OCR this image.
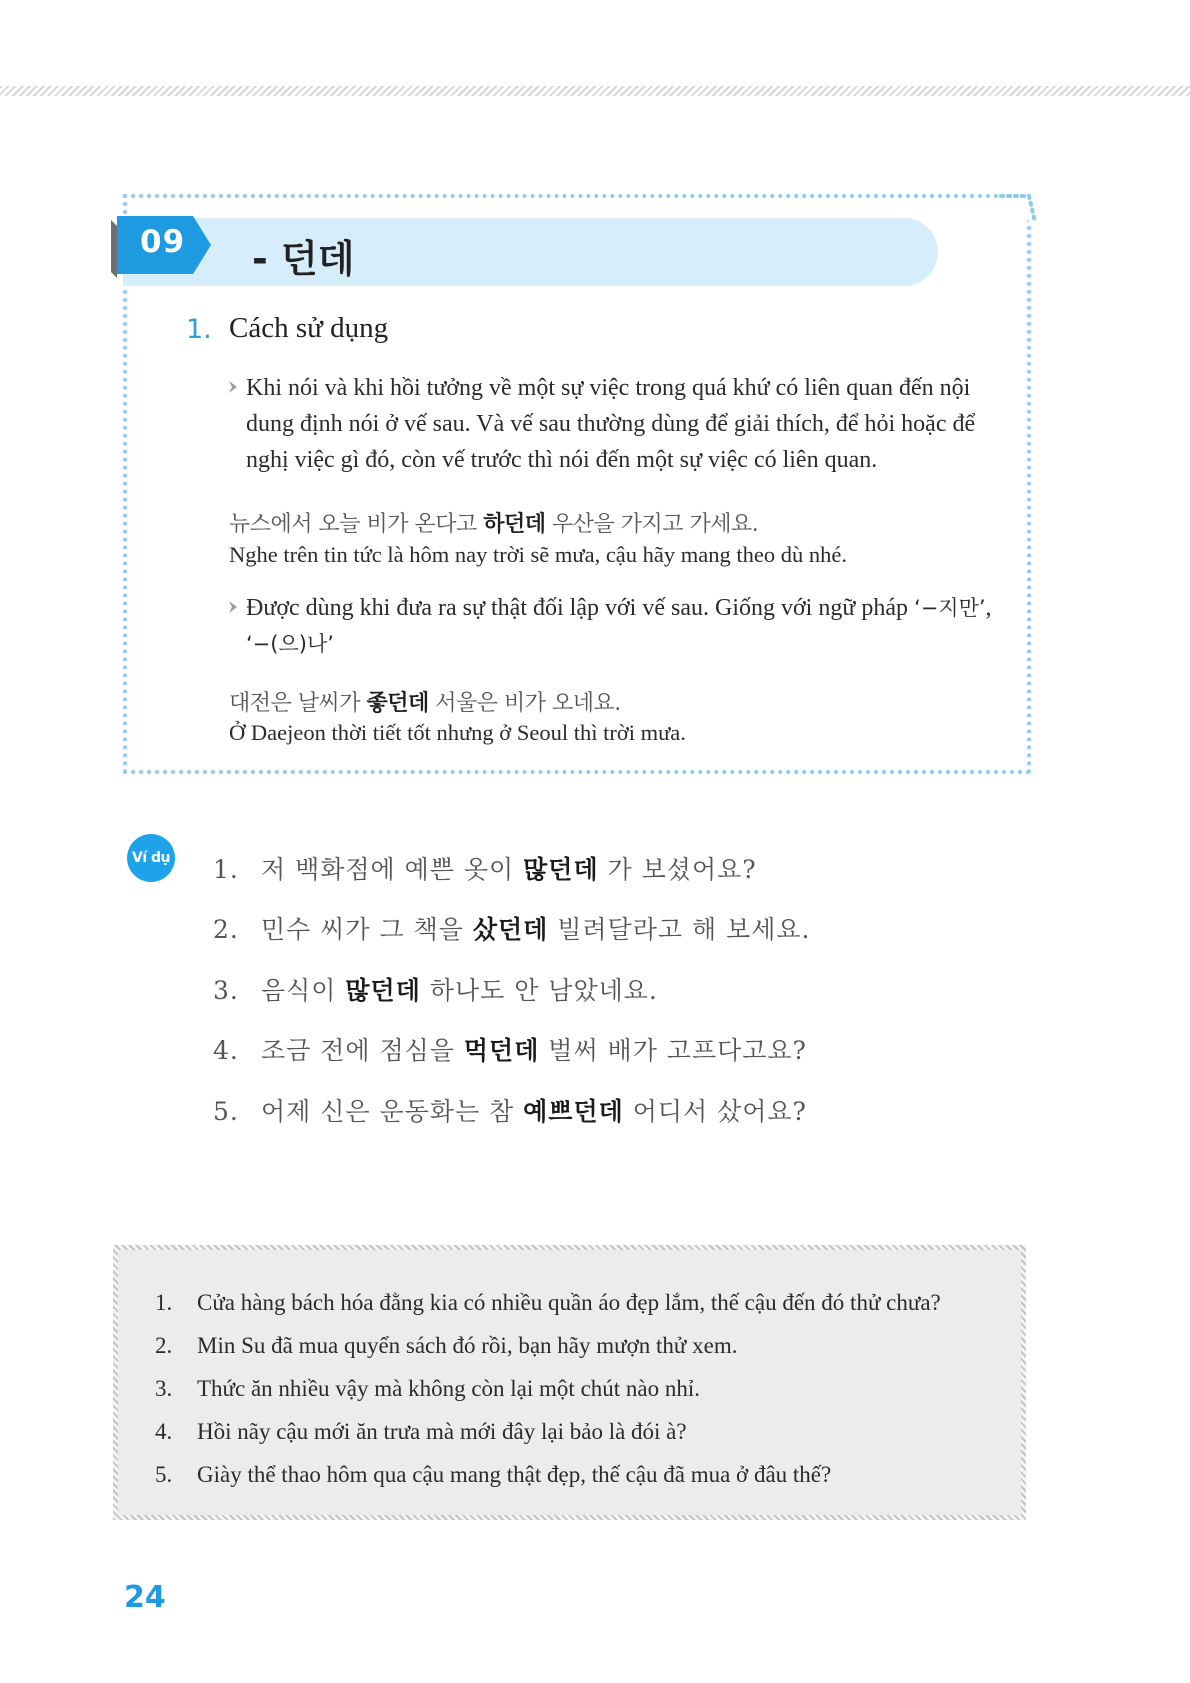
09 - 던데
1. Cách sử dụng
Khi nói và khi hồi tưởng về một sự việc trong quá khứ có liên quan đến nội dung định nói ở vế sau. Và vế sau thường dùng để giải thích, để hỏi hoặc để nghị việc gì đó, còn vế trước thì nói đến một sự việc có liên quan.
뉴스에서 오늘 비가 온다고 하던데 우산을 가지고 가세요.
Nghe trên tin tức là hôm nay trời sẽ mưa, cậu hãy mang theo dù nhé.
Được dùng khi đưa ra sự thật đối lập với vế sau. Giống với ngữ pháp ‘−지만’, ‘−(으)나’
대전은 날씨가 좋던데 서울은 비가 오네요.
Ở Daejeon thời tiết tốt nhưng ở Seoul thì trời mưa.
Ví dụ 1. 저 백화점에 예쁜 옷이 많던데 가 보셨어요?
2. 민수 씨가 그 책을 샀던데 빌려달라고 해 보세요.
3. 음식이 많던데 하나도 안 남았네요.
4. 조금 전에 점심을 먹던데 벌써 배가 고프다고요?
5. 어제 신은 운동화는 참 예쁘던데 어디서 샀어요?
1. Cửa hàng bách hóa đằng kia có nhiều quần áo đẹp lắm, thế cậu đến đó thử chưa?
2. Min Su đã mua quyển sách đó rồi, bạn hãy mượn thử xem.
3. Thức ăn nhiều vậy mà không còn lại một chút nào nhỉ.
4. Hồi nãy cậu mới ăn trưa mà mới đây lại bảo là đói à?
5. Giày thể thao hôm qua cậu mang thật đẹp, thế cậu đã mua ở đâu thế?
24
